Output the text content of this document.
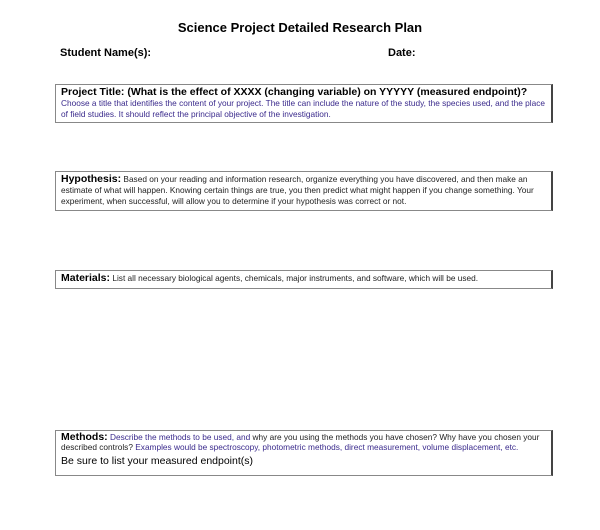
Science Project Detailed Research Plan
Student Name(s):	Date:
Project Title: (What is the effect of XXXX (changing variable) on YYYYY (measured endpoint)? Choose a title that identifies the content of your project. The title can include the nature of the study, the species used, and the place of field studies. It should reflect the principal objective of the investigation.
Hypothesis: Based on your reading and information research, organize everything you have discovered, and then make an estimate of what will happen. Knowing certain things are true, you then predict what might happen if you change something. Your experiment, when successful, will allow you to determine if your hypothesis was correct or not.
Materials: List all necessary biological agents, chemicals, major instruments, and software, which will be used.
Methods: Describe the methods to be used, and why are you using the methods you have chosen? Why have you chosen your described controls? Examples would be spectroscopy, photometric methods, direct measurement, volume displacement, etc.
Be sure to list your measured endpoint(s)
